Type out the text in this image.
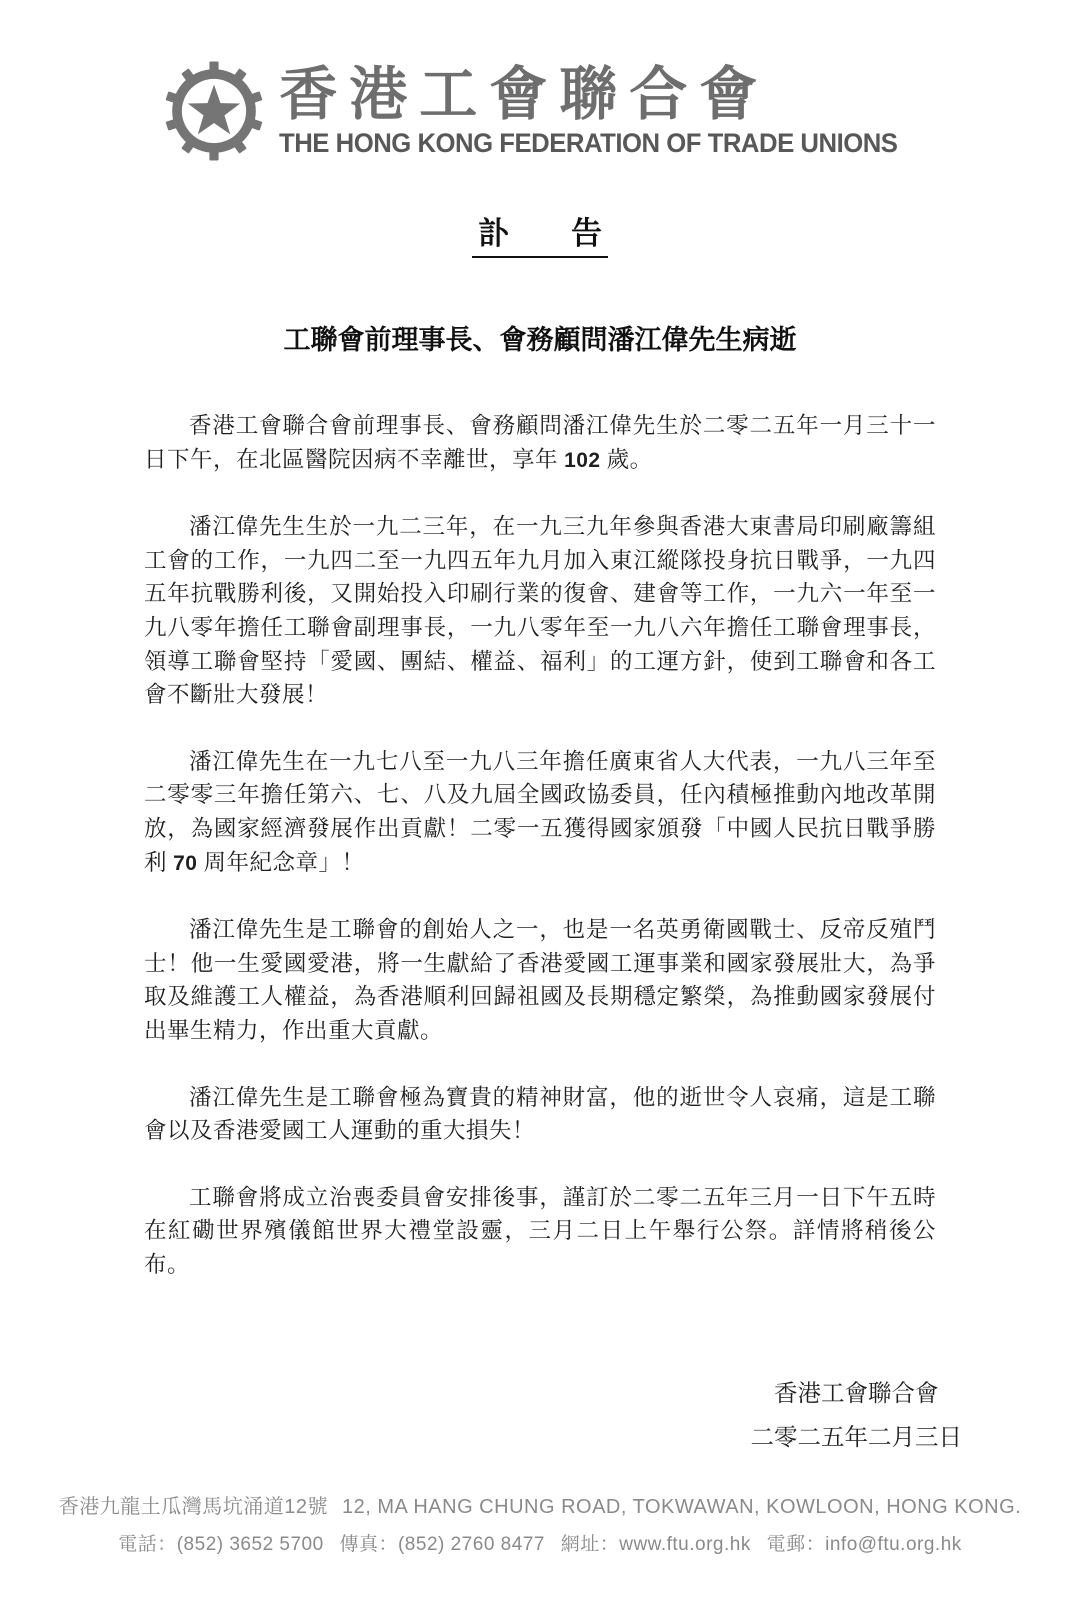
香港工會聯合會
THE HONG KONG FEDERATION OF TRADE UNIONS
訃　　告
工聯會前理事長、會務顧問潘江偉先生病逝

香港工會聯合會前理事長、會務顧問潘江偉先生於二零二五年一月三十一日下午，在北區醫院因病不幸離世，享年 102 歲。

潘江偉先生生於一九二三年，在一九三九年參與香港大東書局印刷廠籌組工會的工作，一九四二至一九四五年九月加入東江縱隊投身抗日戰爭，一九四五年抗戰勝利後，又開始投入印刷行業的復會、建會等工作，一九六一年至一九八零年擔任工聯會副理事長，一九八零年至一九八六年擔任工聯會理事長，領導工聯會堅持「愛國、團結、權益、福利」的工運方針，使到工聯會和各工會不斷壯大發展！

潘江偉先生在一九七八至一九八三年擔任廣東省人大代表，一九八三年至二零零三年擔任第六、七、八及九屆全國政協委員，任內積極推動內地改革開放，為國家經濟發展作出貢獻！二零一五獲得國家頒發「中國人民抗日戰爭勝利 70 周年紀念章」！

潘江偉先生是工聯會的創始人之一，也是一名英勇衛國戰士、反帝反殖鬥士！他一生愛國愛港，將一生獻給了香港愛國工運事業和國家發展壯大，為爭取及維護工人權益，為香港順利回歸祖國及長期穩定繁榮，為推動國家發展付出畢生精力，作出重大貢獻。

潘江偉先生是工聯會極為寶貴的精神財富，他的逝世令人哀痛，這是工聯會以及香港愛國工人運動的重大損失！

工聯會將成立治喪委員會安排後事，謹訂於二零二五年三月一日下午五時在紅磡世界殯儀館世界大禮堂設靈，三月二日上午舉行公祭。詳情將稍後公布。

香港工會聯合會
二零二五年二月三日
香港九龍土瓜灣馬坑涌道12號 12, MA HANG CHUNG ROAD, TOKWAWAN, KOWLOON, HONG KONG.
電話：(852) 3652 5700 傳真：(852) 2760 8477 網址：www.ftu.org.hk 電郵：info@ftu.org.hk
